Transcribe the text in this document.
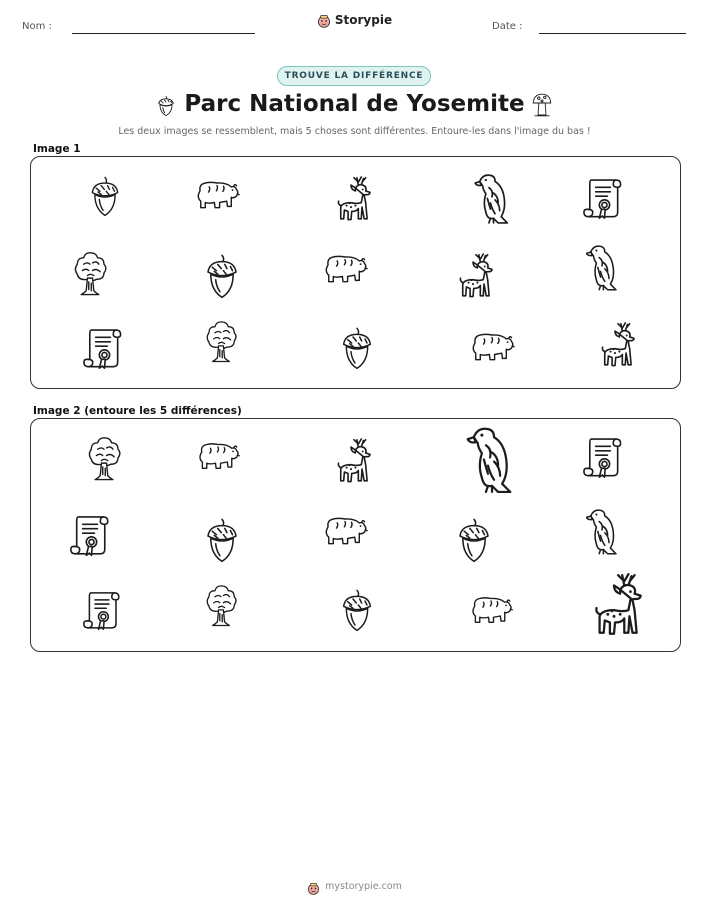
Nom :	Date :
Storypie
TROUVE LA DIFFÉRENCE
Parc National de Yosemite
Les deux images se ressemblent, mais 5 choses sont différentes. Entoure-les dans l'image du bas !
Image 1
Image 2 (entoure les 5 différences)
mystorypie.com
